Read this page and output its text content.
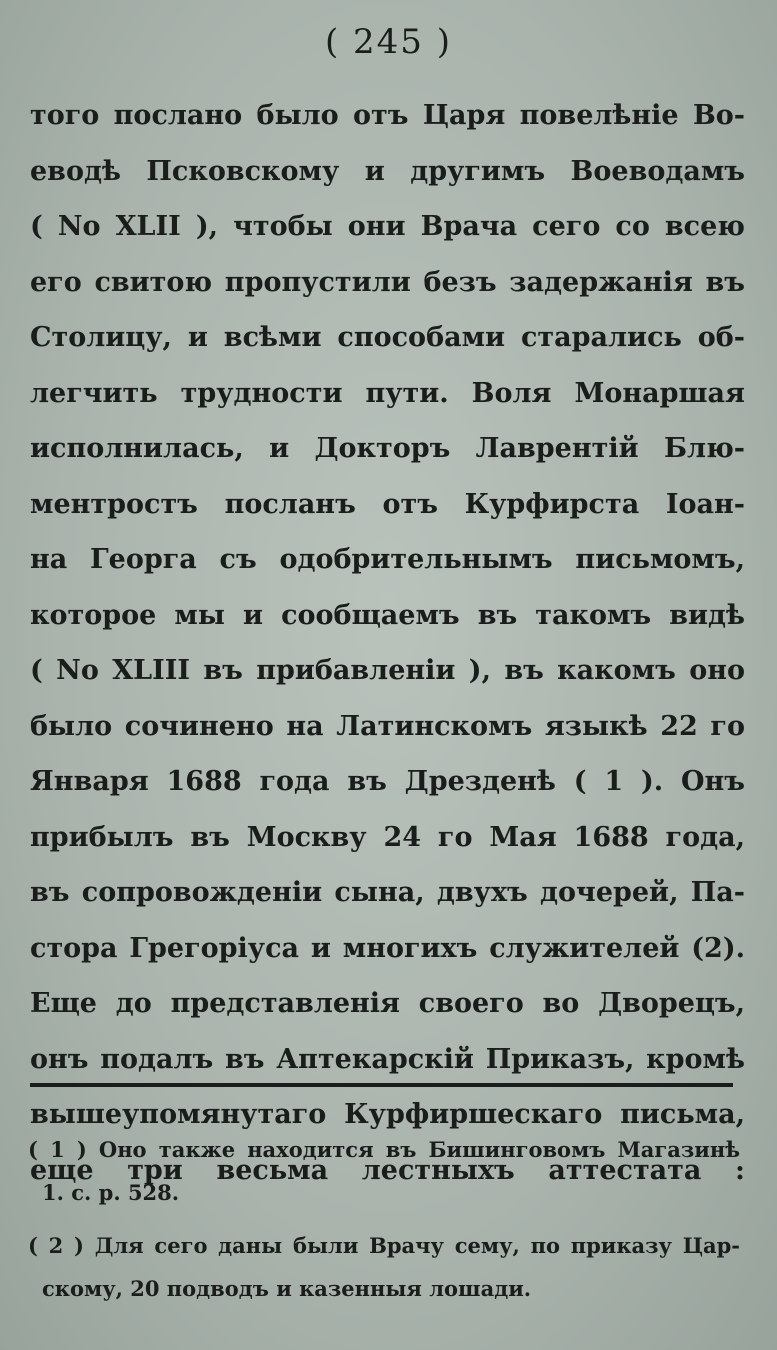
( 245 )
тогo послано было отъ Царя повелѣніе Во-
еводѣ Псковскому и другимъ Воеводамъ
( No XLII ), чтобы они Врача сего со всею
его свитою пропустили безъ задержанія въ
Столицу, и всѣми способами старались об-
легчить трудности пути. Воля Монаршая
исполнилась, и Докторъ Лаврентій Блю-
ментростъ посланъ отъ Курфирста Іоан-
на Георга съ одобрительнымъ письмомъ,
которое мы и сообщаемъ въ такомъ видѣ
( No XLIII въ прибавленіи ), въ какомъ оно
было сочинено на Латинскомъ языкѣ 22 го
Января 1688 года въ Дрезденѣ ( 1 ). Онъ
прибылъ въ Москву 24 го Мая 1688 года,
въ сопровожденіи сына, двухъ дочерей, Па-
стора Грегоріуса и многихъ служителей (2).
Еще до представленія своего во Дворецъ,
онъ подалъ въ Аптекарскій Приказъ, кромѣ
вышеупомянутаго Курфиршескаго письма,
еще три весьма лестныхъ аттестата :
( 1 ) Оно также находится въ Бишинговомъ Магазинѣ
1. с. р. 528.
( 2 ) Для сего даны были Врачу сему, по приказу Цар-
скому, 20 подводъ и казенныя лошади.
